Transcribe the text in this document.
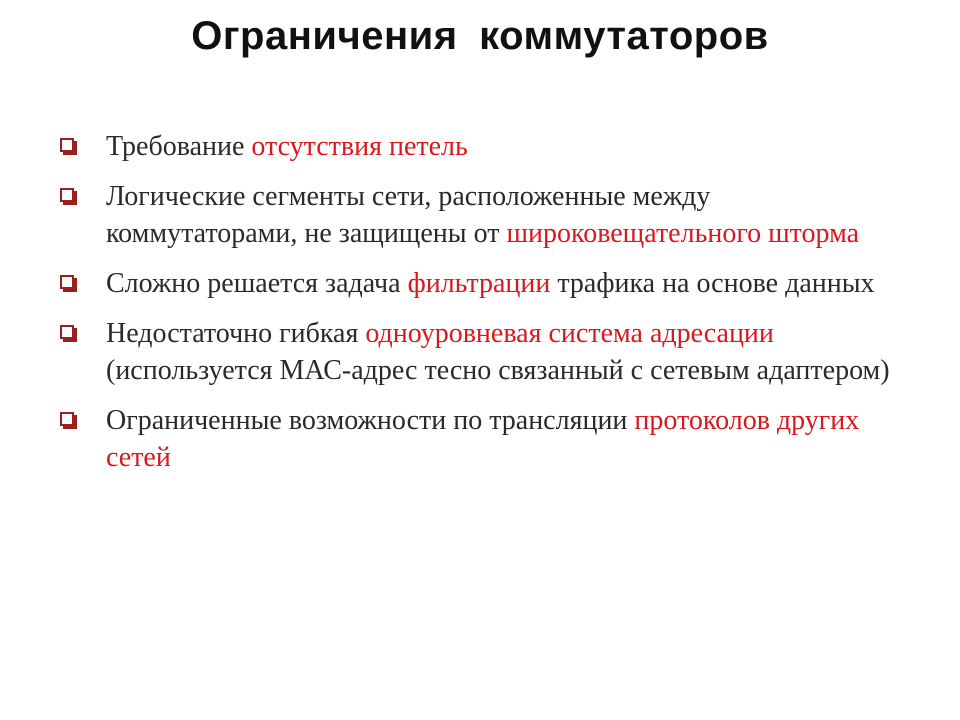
Ограничения коммутаторов
Требование отсутствия петель
Логические сегменты сети, расположенные между коммутаторами, не защищены от широковещательного шторма
Сложно решается задача фильтрации трафика на основе данных
Недостаточно гибкая одноуровневая система адресации (используется МАС-адрес тесно связанный с сетевым адаптером)
Ограниченные возможности по трансляции протоколов других сетей
